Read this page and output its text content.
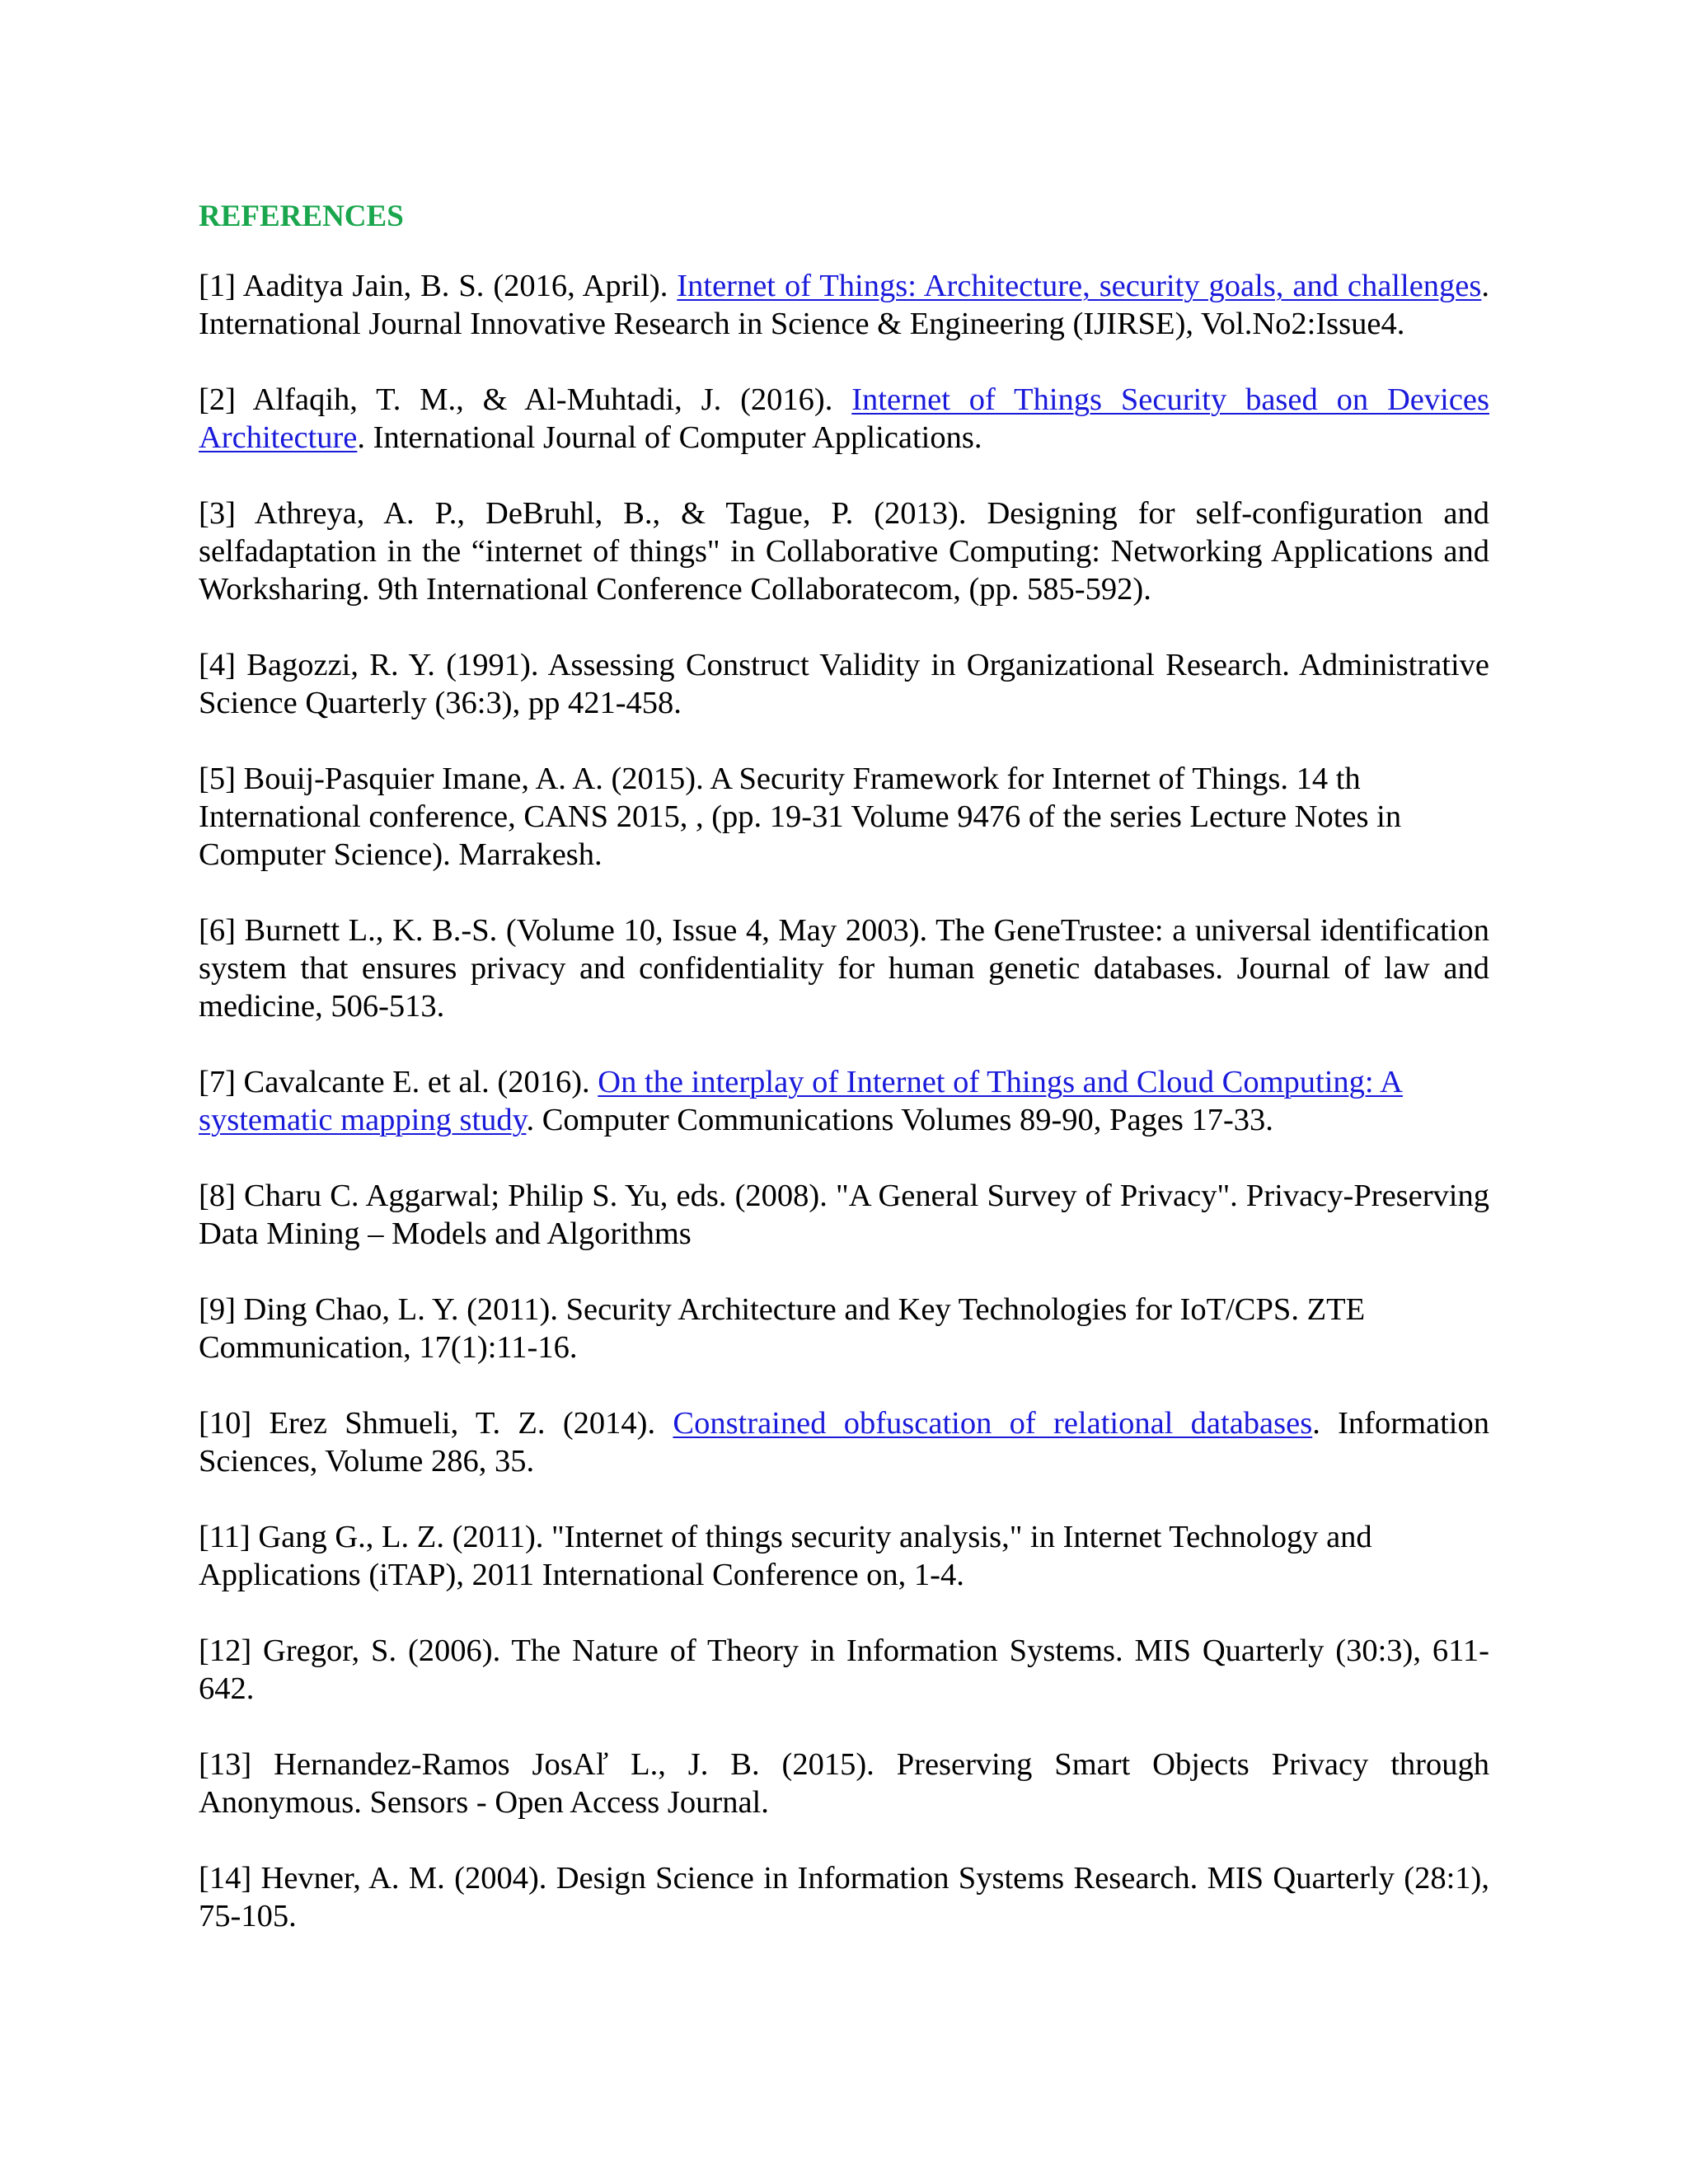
REFERENCES

[1] Aaditya Jain, B. S. (2016, April). Internet of Things: Architecture, security goals, and challenges. International Journal Innovative Research in Science & Engineering (IJIRSE), Vol.No2:Issue4.

[2] Alfaqih, T. M., & Al-Muhtadi, J. (2016). Internet of Things Security based on Devices Architecture. International Journal of Computer Applications.

[3] Athreya, A. P., DeBruhl, B., & Tague, P. (2013). Designing for self-configuration and selfadaptation in the “internet of things" in Collaborative Computing: Networking Applications and Worksharing. 9th International Conference Collaboratecom, (pp. 585-592).

[4] Bagozzi, R. Y. (1991). Assessing Construct Validity in Organizational Research. Administrative Science Quarterly (36:3), pp 421-458.

[5] Bouij-Pasquier Imane, A. A. (2015). A Security Framework for Internet of Things. 14 th International conference, CANS 2015, , (pp. 19-31 Volume 9476 of the series Lecture Notes in Computer Science). Marrakesh.

[6] Burnett L., K. B.-S. (Volume 10, Issue 4, May 2003). The GeneTrustee: a universal identification system that ensures privacy and confidentiality for human genetic databases. Journal of law and medicine, 506-513.

[7] Cavalcante E. et al. (2016). On the interplay of Internet of Things and Cloud Computing: A systematic mapping study. Computer Communications Volumes 89-90, Pages 17-33.

[8] Charu C. Aggarwal; Philip S. Yu, eds. (2008). "A General Survey of Privacy". Privacy-Preserving Data Mining – Models and Algorithms

[9] Ding Chao, L. Y. (2011). Security Architecture and Key Technologies for IoT/CPS. ZTE Communication, 17(1):11-16.

[10] Erez Shmueli, T. Z. (2014). Constrained obfuscation of relational databases. Information Sciences, Volume 286, 35.

[11] Gang G., L. Z. (2011). "Internet of things security analysis," in Internet Technology and Applications (iTAP), 2011 International Conference on, 1-4.

[12] Gregor, S. (2006). The Nature of Theory in Information Systems. MIS Quarterly (30:3), 611-642.

[13] Hernandez-Ramos JosAľ L., J. B. (2015). Preserving Smart Objects Privacy through Anonymous. Sensors - Open Access Journal.

[14] Hevner, A. M. (2004). Design Science in Information Systems Research. MIS Quarterly (28:1), 75-105.
